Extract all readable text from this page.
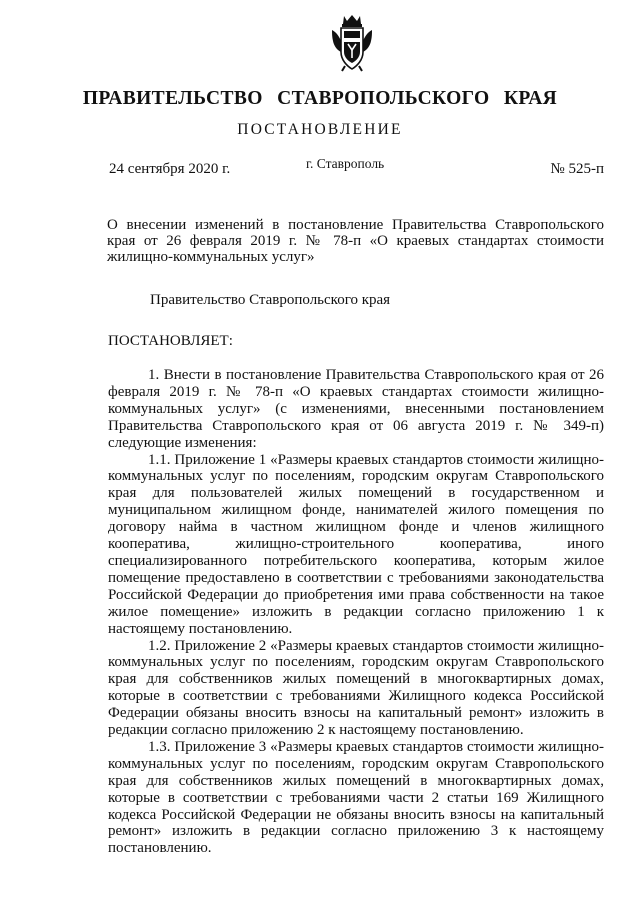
ПРАВИТЕЛЬСТВО СТАВРОПОЛЬСКОГО КРАЯ
ПОСТАНОВЛЕНИЕ
24 сентября 2020 г.	г. Ставрополь	№ 525-п
О внесении изменений в постановление Правительства Ставропольского края от 26 февраля 2019 г. № 78-п «О краевых стандартах стоимости жилищно-коммунальных услуг»
Правительство Ставропольского края
ПОСТАНОВЛЯЕТ:

1. Внести в постановление Правительства Ставропольского края от 26 февраля 2019 г. № 78-п «О краевых стандартах стоимости жилищно-коммунальных услуг» (с изменениями, внесенными постановлением Правительства Ставропольского края от 06 августа 2019 г. № 349-п) следующие изменения:

1.1. Приложение 1 «Размеры краевых стандартов стоимости жилищно-коммунальных услуг по поселениям, городским округам Ставропольского края для пользователей жилых помещений в государственном и муниципальном жилищном фонде, нанимателей жилого помещения по договору найма в частном жилищном фонде и членов жилищного кооператива, жилищно-строительного кооператива, иного специализированного потребительского кооператива, которым жилое помещение предоставлено в соответствии с требованиями законодательства Российской Федерации до приобретения ими права собственности на такое жилое помещение» изложить в редакции согласно приложению 1 к настоящему постановлению.

1.2. Приложение 2 «Размеры краевых стандартов стоимости жилищно-коммунальных услуг по поселениям, городским округам Ставропольского края для собственников жилых помещений в многоквартирных домах, которые в соответствии с требованиями Жилищного кодекса Российской Федерации обязаны вносить взносы на капитальный ремонт» изложить в редакции согласно приложению 2 к настоящему постановлению.

1.3. Приложение 3 «Размеры краевых стандартов стоимости жилищно-коммунальных услуг по поселениям, городским округам Ставропольского края для собственников жилых помещений в многоквартирных домах, которые в соответствии с требованиями части 2 статьи 169 Жилищного кодекса Российской Федерации не обязаны вносить взносы на капитальный ремонт» изложить в редакции согласно приложению 3 к настоящему постановлению.
